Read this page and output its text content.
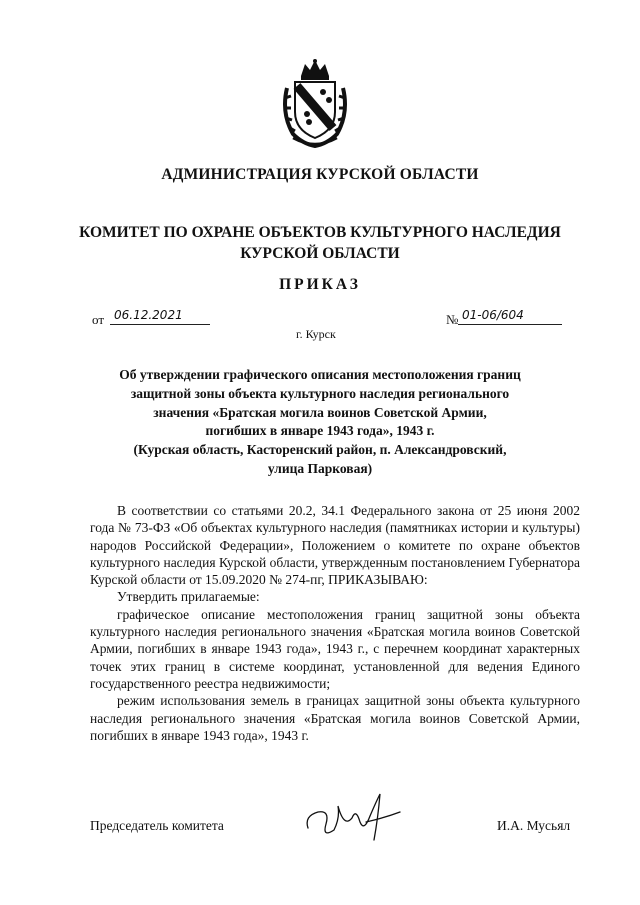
АДМИНИСТРАЦИЯ КУРСКОЙ ОБЛАСТИ
КОМИТЕТ ПО ОХРАНЕ ОБЪЕКТОВ КУЛЬТУРНОГО НАСЛЕДИЯ
КУРСКОЙ ОБЛАСТИ
ПРИКАЗ
от 06.12.2021	№ 01-06/604
г. Курск
Об утверждении графического описания местоположения границ
защитной зоны объекта культурного наследия регионального
значения «Братская могила воинов Советской Армии,
погибших в январе 1943 года», 1943 г.
(Курская область, Касторенский район, п. Александровский,
улица Парковая)

В соответствии со статьями 20.2, 34.1 Федерального закона от 25 июня 2002 года № 73-ФЗ «Об объектах культурного наследия (памятниках истории и культуры) народов Российской Федерации», Положением о комитете по охране объектов культурного наследия Курской области, утвержденным постановлением Губернатора Курской области от 15.09.2020 № 274-пг, ПРИКАЗЫВАЮ:

Утвердить прилагаемые:

графическое описание местоположения границ защитной зоны объекта культурного наследия регионального значения «Братская могила воинов Советской Армии, погибших в январе 1943 года», 1943 г., с перечнем координат характерных точек этих границ в системе координат, установленной для ведения Единого государственного реестра недвижимости;

режим использования земель в границах защитной зоны объекта культурного наследия регионального значения «Братская могила воинов Советской Армии, погибших в январе 1943 года», 1943 г.

Председатель комитета	И.А. Мусьял
